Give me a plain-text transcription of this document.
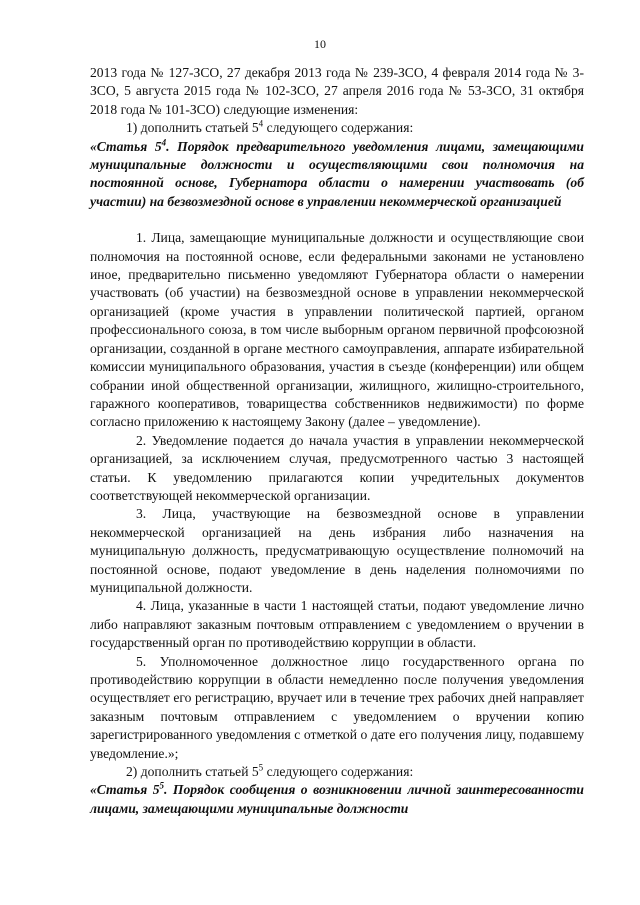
10

2013 года № 127-ЗСО, 27 декабря 2013 года № 239-ЗСО, 4 февраля 2014 года № 3-ЗСО, 5 августа 2015 года № 102-ЗСО, 27 апреля 2016 года № 53-ЗСО, 31 октября 2018 года № 101-ЗСО) следующие изменения:

1) дополнить статьей $5^4$ следующего содержания:

«Статья $5^4$. Порядок предварительного уведомления лицами, замещающими муниципальные должности и осуществляющими свои полномочия на постоянной основе, Губернатора области о намерении участвовать (об участии) на безвозмездной основе в управлении некоммерческой организацией

1. Лица, замещающие муниципальные должности и осуществляющие свои полномочия на постоянной основе, если федеральными законами не установлено иное, предварительно письменно уведомляют Губернатора области о намерении участвовать (об участии) на безвозмездной основе в управлении некоммерческой организацией (кроме участия в управлении политической партией, органом профессионального союза, в том числе выборным органом первичной профсоюзной организации, созданной в органе местного самоуправления, аппарате избирательной комиссии муниципального образования, участия в съезде (конференции) или общем собрании иной общественной организации, жилищного, жилищно-строительного, гаражного кооперативов, товарищества собственников недвижимости) по форме согласно приложению к настоящему Закону (далее – уведомление).

2. Уведомление подается до начала участия в управлении некоммерческой организацией, за исключением случая, предусмотренного частью 3 настоящей статьи. К уведомлению прилагаются копии учредительных документов соответствующей некоммерческой организации.

3. Лица, участвующие на безвозмездной основе в управлении некоммерческой организацией на день избрания либо назначения на муниципальную должность, предусматривающую осуществление полномочий на постоянной основе, подают уведомление в день наделения полномочиями по муниципальной должности.

4. Лица, указанные в части 1 настоящей статьи, подают уведомление лично либо направляют заказным почтовым отправлением с уведомлением о вручении в государственный орган по противодействию коррупции в области.

5. Уполномоченное должностное лицо государственного органа по противодействию коррупции в области немедленно после получения уведомления осуществляет его регистрацию, вручает или в течение трех рабочих дней направляет заказным почтовым отправлением с уведомлением о вручении копию зарегистрированного уведомления с отметкой о дате его получения лицу, подавшему уведомление.»;

2) дополнить статьей $5^5$ следующего содержания:

«Статья $5^5$. Порядок сообщения о возникновении личной заинтересованности лицами, замещающими муниципальные должности
